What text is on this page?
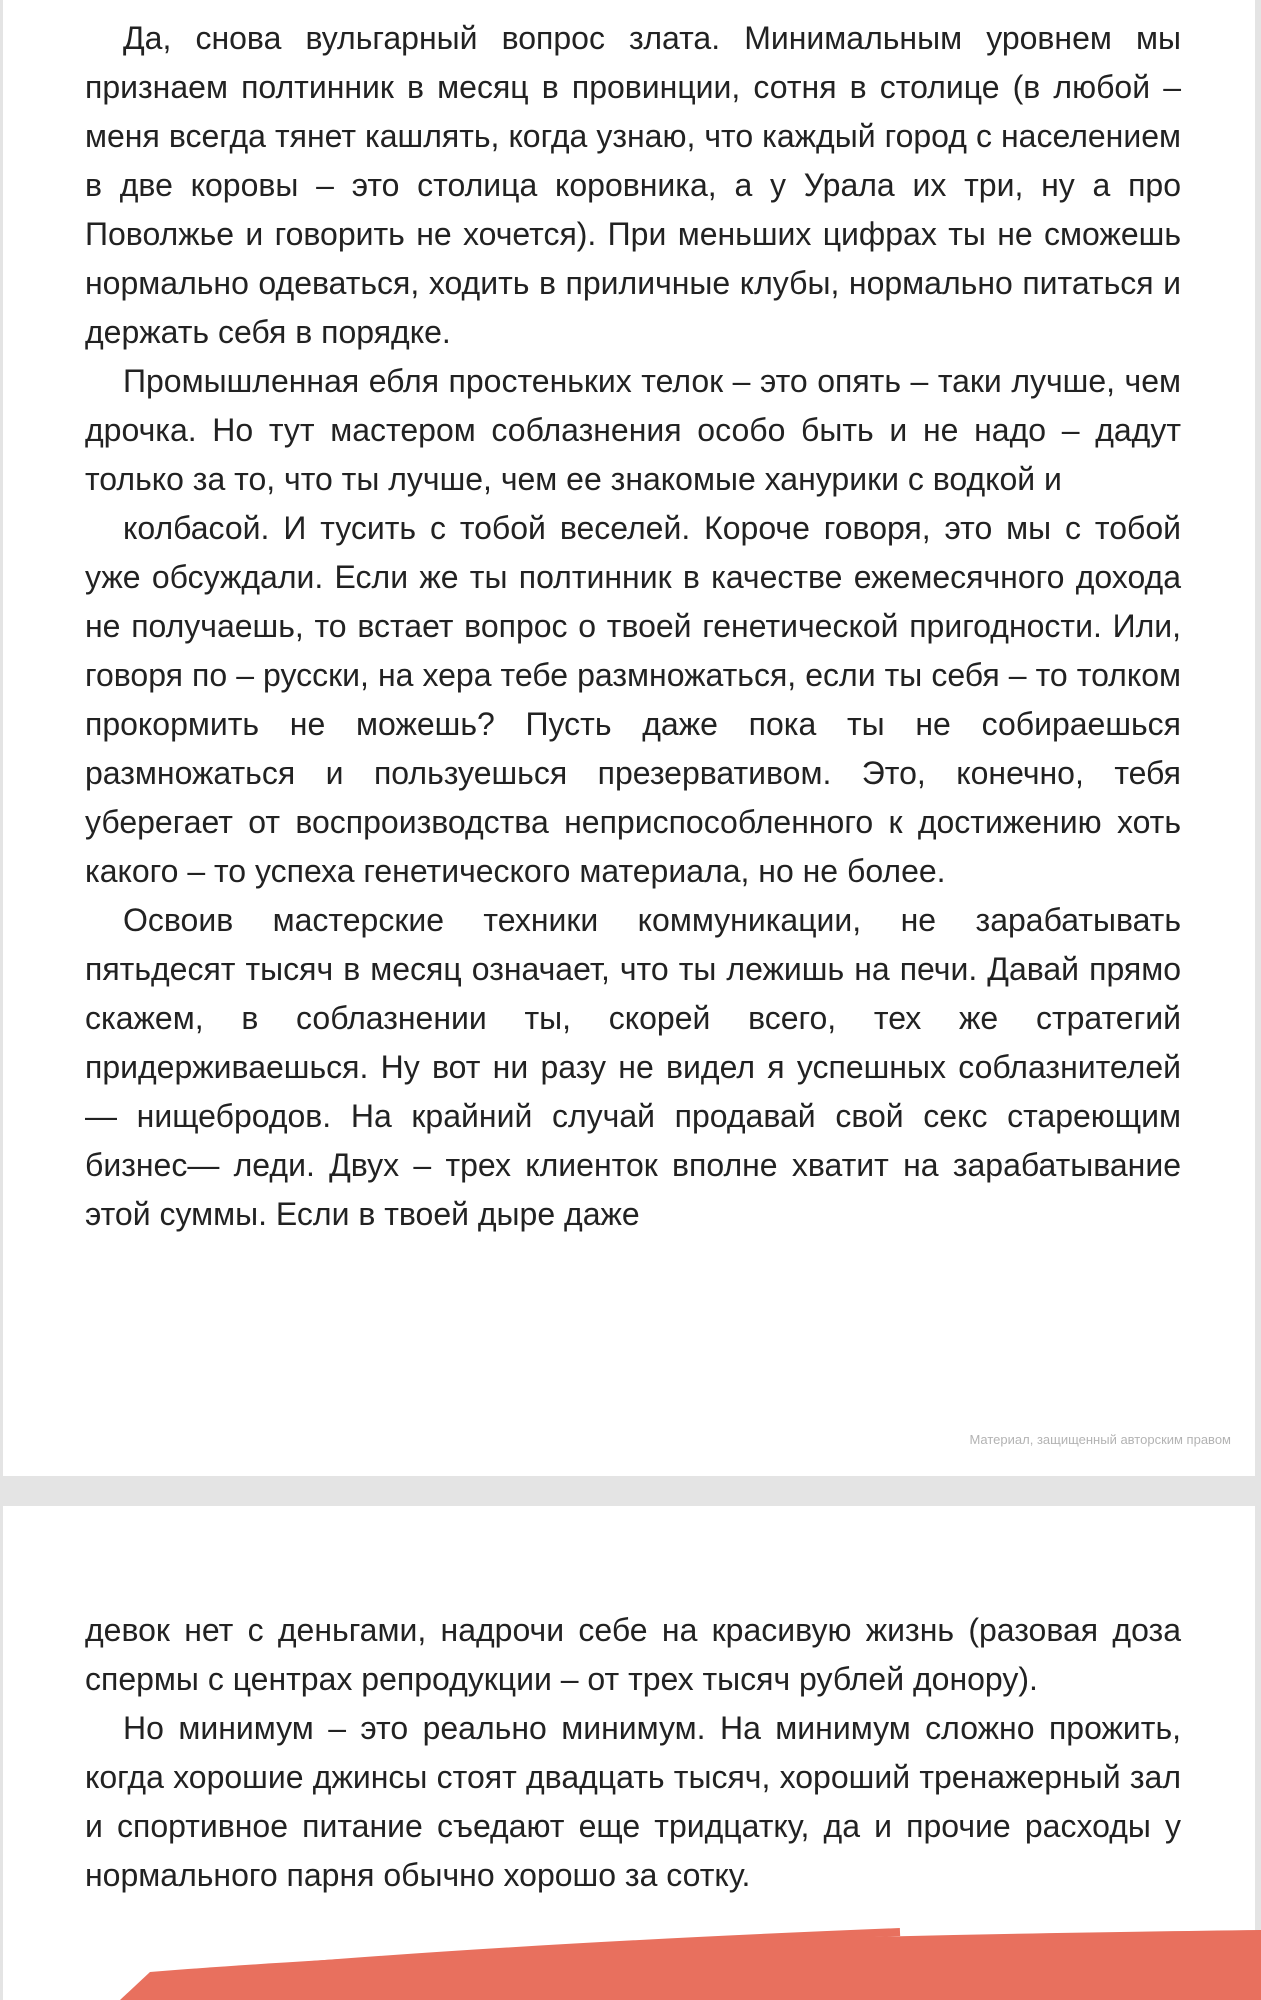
Да, снова вульгарный вопрос злата. Минимальным уровнем мы признаем полтинник в месяц в провинции, сотня в столице (в любой – меня всегда тянет кашлять, когда узнаю, что каждый город с населением в две коровы – это столица коровника, а у Урала их три, ну а про Поволжье и говорить не хочется). При меньших цифрах ты не сможешь нормально одеваться, ходить в приличные клубы, нормально питаться и держать себя в порядке.

Промышленная ебля простеньких телок – это опять – таки лучше, чем дрочка. Но тут мастером соблазнения особо быть и не надо – дадут только за то, что ты лучше, чем ее знакомые ханурики с водкой и

колбасой. И тусить с тобой веселей. Короче говоря, это мы с тобой уже обсуждали. Если же ты полтинник в качестве ежемесячного дохода не получаешь, то встает вопрос о твоей генетической пригодности. Или, говоря по – русски, на хера тебе размножаться, если ты себя – то толком прокормить не можешь? Пусть даже пока ты не собираешься размножаться и пользуешься презервативом. Это, конечно, тебя уберегает от воспроизводства неприспособленного к достижению хоть какого – то успеха генетического материала, но не более.

Освоив мастерские техники коммуникации, не зарабатывать пятьдесят тысяч в месяц означает, что ты лежишь на печи. Давай прямо скажем, в соблазнении ты, скорей всего, тех же стратегий придерживаешься. Ну вот ни разу не видел я успешных соблазнителей— нищебродов. На крайний случай продавай свой секс стареющим бизнес— леди. Двух – трех клиенток вполне хватит на зарабатывание этой суммы. Если в твоей дыре даже

Материал, защищенный авторским правом

девок нет с деньгами, надрочи себе на красивую жизнь (разовая доза спермы с центрах репродукции – от трех тысяч рублей донору).

Но минимум – это реально минимум. На минимум сложно прожить, когда хорошие джинсы стоят двадцать тысяч, хороший тренажерный зал и спортивное питание съедают еще тридцатку, да и прочие расходы у нормального парня обычно хорошо за сотку.
